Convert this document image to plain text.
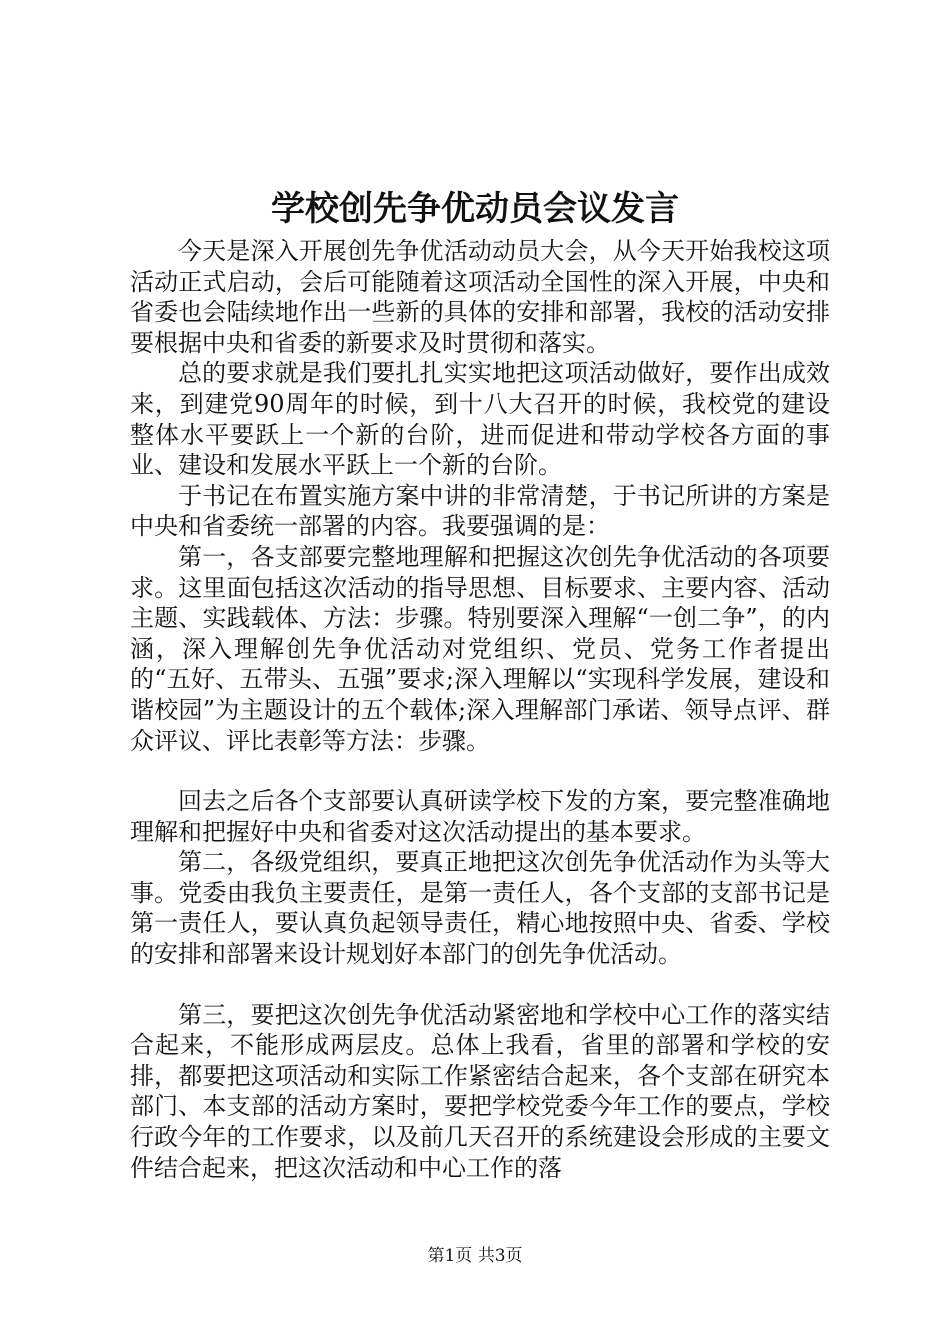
学校创先争优动员会议发言

今天是深入开展创先争优活动动员大会，从今天开始我校这项活动正式启动，会后可能随着这项活动全国性的深入开展，中央和省委也会陆续地作出一些新的具体的安排和部署，我校的活动安排要根据中央和省委的新要求及时贯彻和落实。

总的要求就是我们要扎扎实实地把这项活动做好，要作出成效来，到建党90周年的时候，到十八大召开的时候，我校党的建设整体水平要跃上一个新的台阶，进而促进和带动学校各方面的事业、建设和发展水平跃上一个新的台阶。

于书记在布置实施方案中讲的非常清楚，于书记所讲的方案是中央和省委统一部署的内容。我要强调的是：

第一，各支部要完整地理解和把握这次创先争优活动的各项要求。这里面包括这次活动的指导思想、目标要求、主要内容、活动主题、实践载体、方法：步骤。特别要深入理解“一创二争”，的内涵，深入理解创先争优活动对党组织、党员、党务工作者提出的“五好、五带头、五强”要求;深入理解以“实现科学发展，建设和谐校园”为主题设计的五个载体;深入理解部门承诺、领导点评、群众评议、评比表彰等方法：步骤。

回去之后各个支部要认真研读学校下发的方案，要完整准确地理解和把握好中央和省委对这次活动提出的基本要求。

第二，各级党组织，要真正地把这次创先争优活动作为头等大事。党委由我负主要责任，是第一责任人，各个支部的支部书记是第一责任人，要认真负起领导责任，精心地按照中央、省委、学校的安排和部署来设计规划好本部门的创先争优活动。

第三，要把这次创先争优活动紧密地和学校中心工作的落实结合起来，不能形成两层皮。总体上我看，省里的部署和学校的安排，都要把这项活动和实际工作紧密结合起来，各个支部在研究本部门、本支部的活动方案时，要把学校党委今年工作的要点，学校行政今年的工作要求，以及前几天召开的系统建设会形成的主要文件结合起来，把这次活动和中心工作的落

第1页 共3页
